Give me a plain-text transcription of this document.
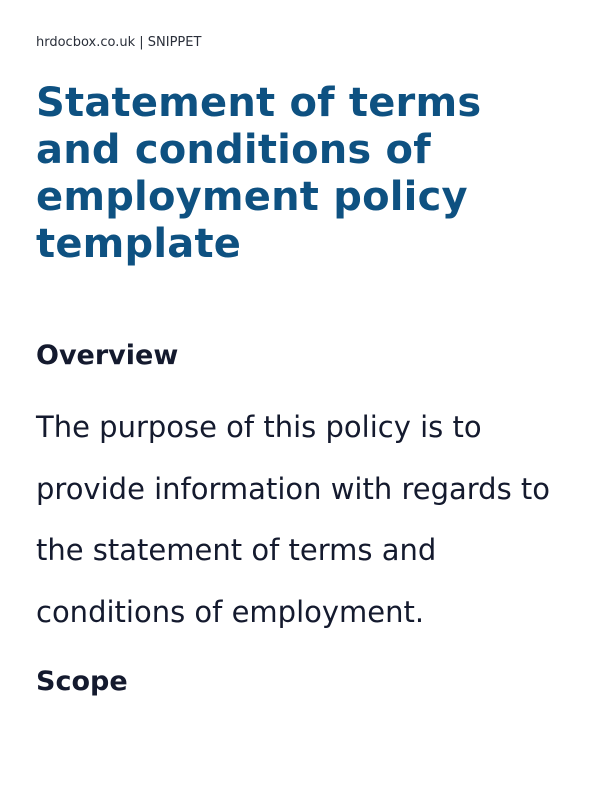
hrdocbox.co.uk | SNIPPET
Statement of terms and conditions of employment policy template
Overview

The purpose of this policy is to
provide information with regards to
the statement of terms and
conditions of employment.

Scope
